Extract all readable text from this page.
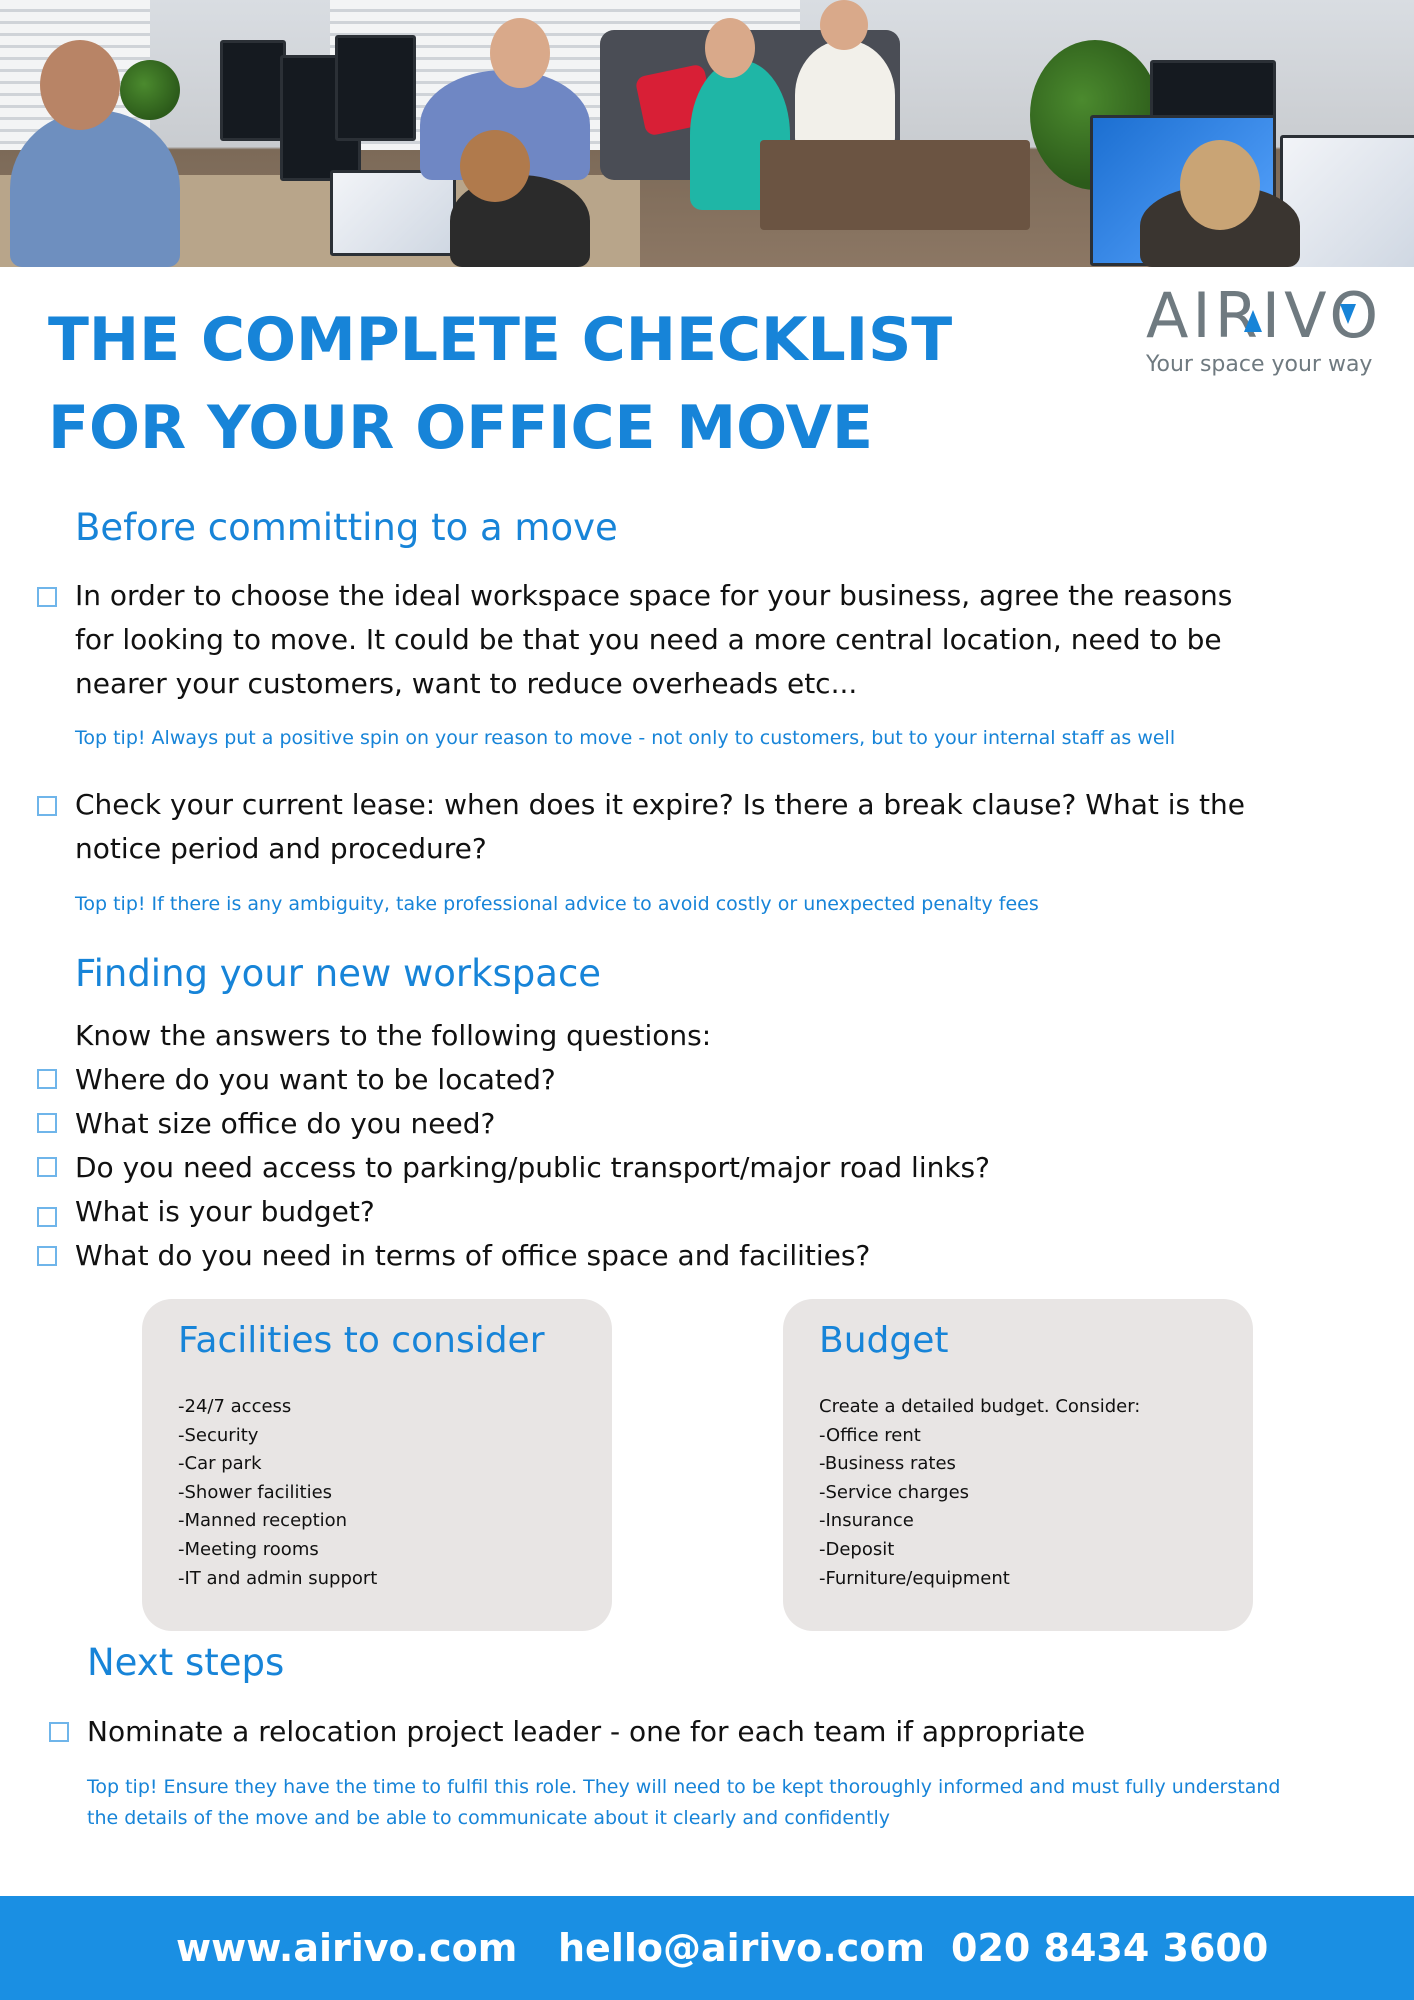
THE COMPLETE CHECKLIST
FOR YOUR OFFICE MOVE
AIRIVO
Your space your way
Before committing to a move

In order to choose the ideal workspace space for your business, agree the reasons for looking to move. It could be that you need a more central location, need to be nearer your customers, want to reduce overheads etc...

Top tip! Always put a positive spin on your reason to move - not only to customers, but to your internal staff as well

Check your current lease: when does it expire? Is there a break clause? What is the notice period and procedure?

Top tip! If there is any ambiguity, take professional advice to avoid costly or unexpected penalty fees

Finding your new workspace

Know the answers to the following questions:

Where do you want to be located?

What size office do you need?

Do you need access to parking/public transport/major road links?

What is your budget?

What do you need in terms of office space and facilities?

Facilities to consider
-24/7 access
-Security
-Car park
-Shower facilities
-Manned reception
-Meeting rooms
-IT and admin support
Budget

Create a detailed budget. Consider:

-Office rent
-Business rates
-Service charges
-Insurance
-Deposit
-Furniture/equipment
Next steps

Nominate a relocation project leader - one for each team if appropriate

Top tip! Ensure they have the time to fulfil this role. They will need to be kept thoroughly informed and must fully understand the details of the move and be able to communicate about it clearly and confidently

www.airivo.com hello@airivo.com 020 8434 3600
